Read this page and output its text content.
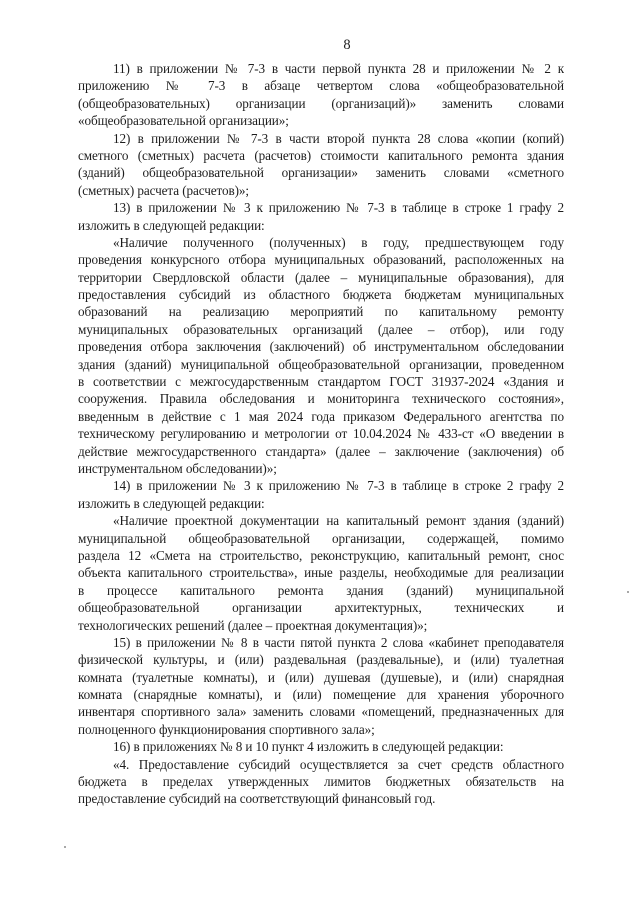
8
11) в приложении № 7-3 в части первой пункта 28 и приложении № 2 к
приложению № 7-3 в абзаце четвертом слова «общеобразовательной
(общеобразовательных) организации (организаций)» заменить словами
«общеобразовательной организации»;
12) в приложении № 7-3 в части второй пункта 28 слова «копии (копий)
сметного (сметных) расчета (расчетов) стоимости капитального ремонта здания
(зданий) общеобразовательной организации» заменить словами «сметного
(сметных) расчета (расчетов)»;
13) в приложении № 3 к приложению № 7-3 в таблице в строке 1 графу 2
изложить в следующей редакции:
«Наличие полученного (полученных) в году, предшествующем году
проведения конкурсного отбора муниципальных образований, расположенных на
территории Свердловской области (далее – муниципальные образования), для
предоставления субсидий из областного бюджета бюджетам муниципальных
образований на реализацию мероприятий по капитальному ремонту
муниципальных образовательных организаций (далее – отбор), или году
проведения отбора заключения (заключений) об инструментальном обследовании
здания (зданий) муниципальной общеобразовательной организации, проведенном
в соответствии с межгосударственным стандартом ГОСТ 31937-2024 «Здания и
сооружения. Правила обследования и мониторинга технического состояния»,
введенным в действие с 1 мая 2024 года приказом Федерального агентства по
техническому регулированию и метрологии от 10.04.2024 № 433-ст «О введении в
действие межгосударственного стандарта» (далее – заключение (заключения) об
инструментальном обследовании)»;
14) в приложении № 3 к приложению № 7-3 в таблице в строке 2 графу 2
изложить в следующей редакции:
«Наличие проектной документации на капитальный ремонт здания (зданий)
муниципальной общеобразовательной организации, содержащей, помимо
раздела 12 «Смета на строительство, реконструкцию, капитальный ремонт, снос
объекта капитального строительства», иные разделы, необходимые для реализации
в процессе капитального ремонта здания (зданий) муниципальной
общеобразовательной организации архитектурных, технических и
технологических решений (далее – проектная документация)»;
15) в приложении № 8 в части пятой пункта 2 слова «кабинет преподавателя
физической культуры, и (или) раздевальная (раздевальные), и (или) туалетная
комната (туалетные комнаты), и (или) душевая (душевые), и (или) снарядная
комната (снарядные комнаты), и (или) помещение для хранения уборочного
инвентаря спортивного зала» заменить словами «помещений, предназначенных для
полноценного функционирования спортивного зала»;
16) в приложениях № 8 и 10 пункт 4 изложить в следующей редакции:
«4. Предоставление субсидий осуществляется за счет средств областного
бюджета в пределах утвержденных лимитов бюджетных обязательств на
предоставление субсидий на соответствующий финансовый год.
